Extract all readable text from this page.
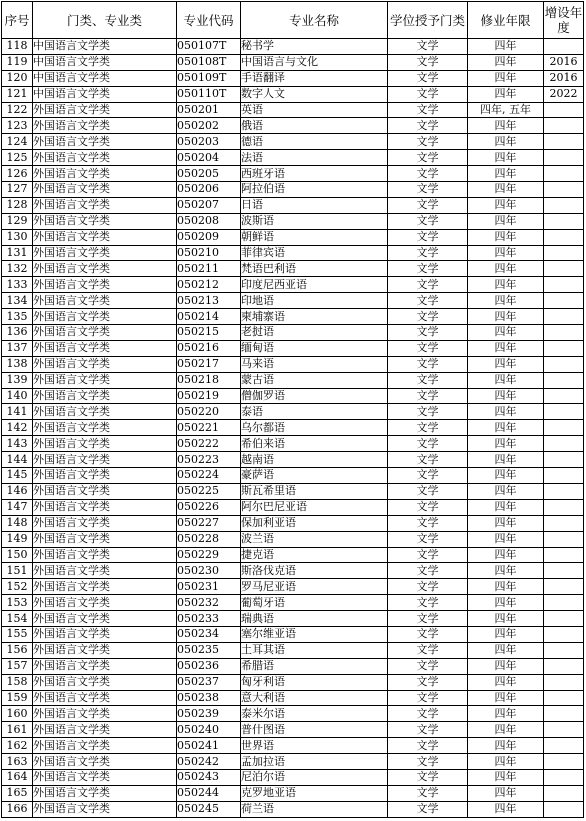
序号	门类、专业类	专业代码	专业名称	学位授予门类	修业年限	增设年度
118	中国语言文学类	050107T	秘书学	文学	四年	
119	中国语言文学类	050108T	中国语言与文化	文学	四年	2016
120	中国语言文学类	050109T	手语翻译	文学	四年	2016
121	中国语言文学类	050110T	数字人文	文学	四年	2022
122	外国语言文学类	050201	英语	文学	四年, 五年	
123	外国语言文学类	050202	俄语	文学	四年	
124	外国语言文学类	050203	德语	文学	四年	
125	外国语言文学类	050204	法语	文学	四年	
126	外国语言文学类	050205	西班牙语	文学	四年	
127	外国语言文学类	050206	阿拉伯语	文学	四年	
128	外国语言文学类	050207	日语	文学	四年	
129	外国语言文学类	050208	波斯语	文学	四年	
130	外国语言文学类	050209	朝鲜语	文学	四年	
131	外国语言文学类	050210	菲律宾语	文学	四年	
132	外国语言文学类	050211	梵语巴利语	文学	四年	
133	外国语言文学类	050212	印度尼西亚语	文学	四年	
134	外国语言文学类	050213	印地语	文学	四年	
135	外国语言文学类	050214	柬埔寨语	文学	四年	
136	外国语言文学类	050215	老挝语	文学	四年	
137	外国语言文学类	050216	缅甸语	文学	四年	
138	外国语言文学类	050217	马来语	文学	四年	
139	外国语言文学类	050218	蒙古语	文学	四年	
140	外国语言文学类	050219	僧伽罗语	文学	四年	
141	外国语言文学类	050220	泰语	文学	四年	
142	外国语言文学类	050221	乌尔都语	文学	四年	
143	外国语言文学类	050222	希伯来语	文学	四年	
144	外国语言文学类	050223	越南语	文学	四年	
145	外国语言文学类	050224	豪萨语	文学	四年	
146	外国语言文学类	050225	斯瓦希里语	文学	四年	
147	外国语言文学类	050226	阿尔巴尼亚语	文学	四年	
148	外国语言文学类	050227	保加利亚语	文学	四年	
149	外国语言文学类	050228	波兰语	文学	四年	
150	外国语言文学类	050229	捷克语	文学	四年	
151	外国语言文学类	050230	斯洛伐克语	文学	四年	
152	外国语言文学类	050231	罗马尼亚语	文学	四年	
153	外国语言文学类	050232	葡萄牙语	文学	四年	
154	外国语言文学类	050233	瑞典语	文学	四年	
155	外国语言文学类	050234	塞尔维亚语	文学	四年	
156	外国语言文学类	050235	土耳其语	文学	四年	
157	外国语言文学类	050236	希腊语	文学	四年	
158	外国语言文学类	050237	匈牙利语	文学	四年	
159	外国语言文学类	050238	意大利语	文学	四年	
160	外国语言文学类	050239	泰米尔语	文学	四年	
161	外国语言文学类	050240	普什图语	文学	四年	
162	外国语言文学类	050241	世界语	文学	四年	
163	外国语言文学类	050242	孟加拉语	文学	四年	
164	外国语言文学类	050243	尼泊尔语	文学	四年	
165	外国语言文学类	050244	克罗地亚语	文学	四年	
166	外国语言文学类	050245	荷兰语	文学	四年	
